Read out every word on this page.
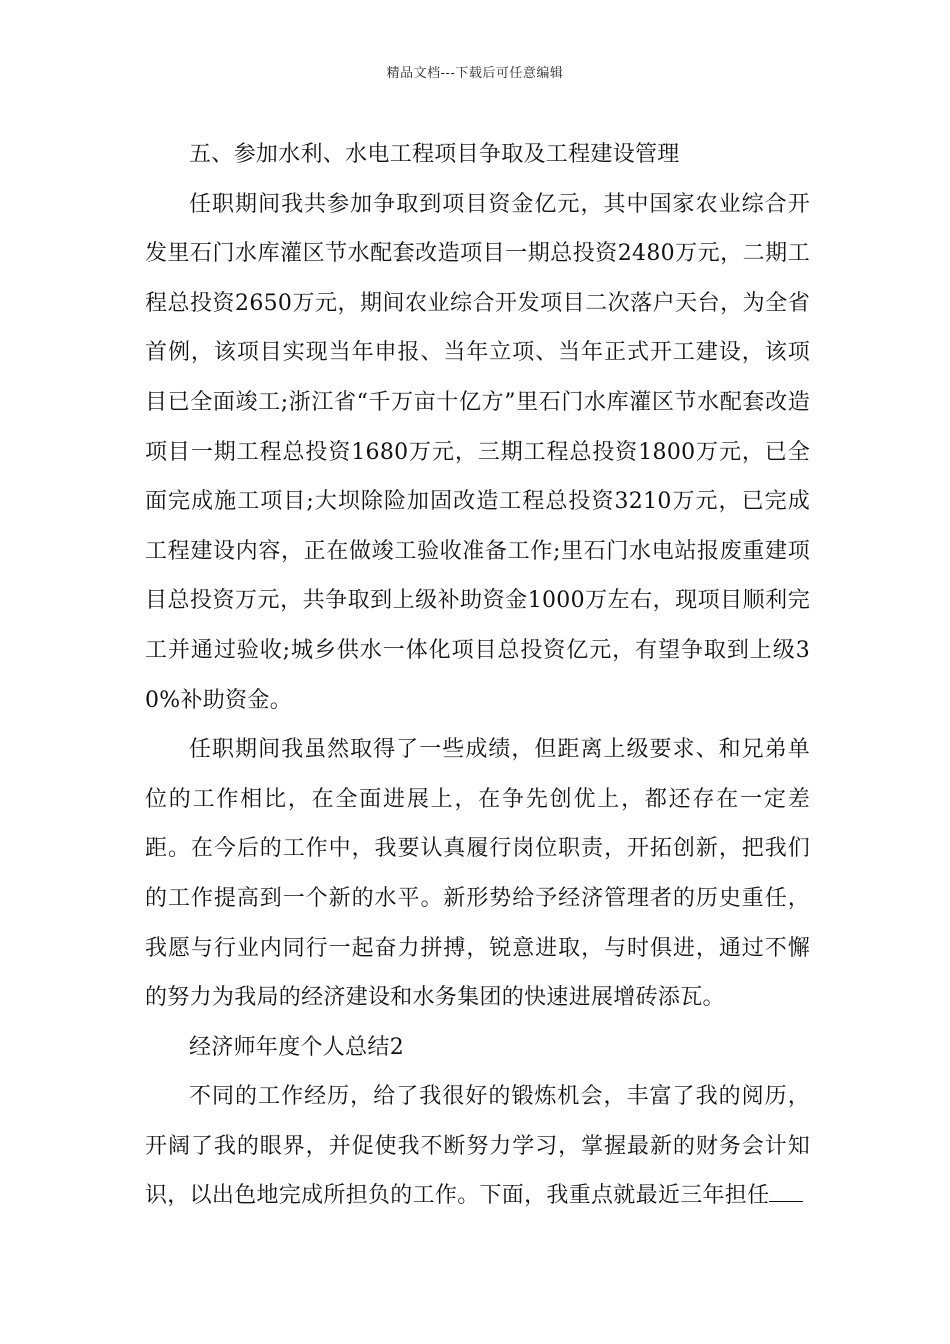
精品文档---下载后可任意编辑

五、参加水利、水电工程项目争取及工程建设管理

任职期间我共参加争取到项目资金亿元，其中国家农业综合开发里石门水库灌区节水配套改造项目一期总投资2480万元，二期工程总投资2650万元，期间农业综合开发项目二次落户天台，为全省首例，该项目实现当年申报、当年立项、当年正式开工建设，该项目已全面竣工;浙江省“千万亩十亿方”里石门水库灌区节水配套改造项目一期工程总投资1680万元，三期工程总投资1800万元，已全面完成施工项目;大坝除险加固改造工程总投资3210万元，已完成工程建设内容，正在做竣工验收准备工作;里石门水电站报废重建项目总投资万元，共争取到上级补助资金1000万左右，现项目顺利完工并通过验收;城乡供水一体化项目总投资亿元，有望争取到上级30%补助资金。

任职期间我虽然取得了一些成绩，但距离上级要求、和兄弟单位的工作相比，在全面进展上，在争先创优上，都还存在一定差距。在今后的工作中，我要认真履行岗位职责，开拓创新，把我们的工作提高到一个新的水平。新形势给予经济管理者的历史重任，我愿与行业内同行一起奋力拼搏，锐意进取，与时俱进，通过不懈的努力为我局的经济建设和水务集团的快速进展增砖添瓦。

经济师年度个人总结2

不同的工作经历，给了我很好的锻炼机会，丰富了我的阅历，开阔了我的眼界，并促使我不断努力学习，掌握最新的财务会计知识，以出色地完成所担负的工作。下面，我重点就最近三年担任
